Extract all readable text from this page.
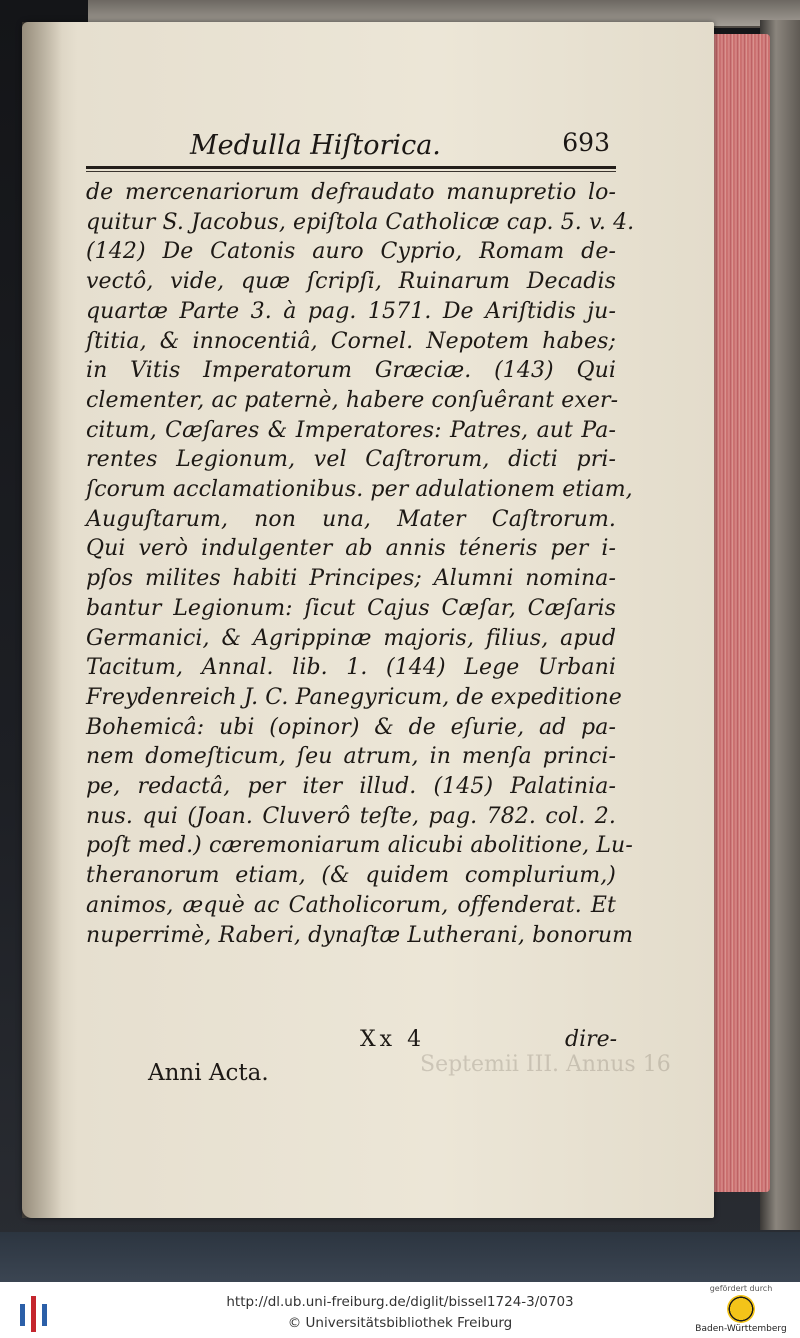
Medulla Hiſtorica.	693
de mercenariorum defraudato manupretio lo-
quitur S. Jacobus, epiſtola Catholicæ cap. 5. v. 4.
(142) De Catonis auro Cyprio, Romam de-
vectô, vide, quæ ſcripſi, Ruinarum Decadis
quartæ Parte 3. à pag. 1571. De Ariſtidis ju-
ſtitia, & innocentiâ, Cornel. Nepotem habes;
in Vitis Imperatorum Græciæ. (143) Qui
clementer, ac paternè, habere conſuêrant exer-
citum, Cæſares & Imperatores: Patres, aut Pa-
rentes Legionum, vel Caſtrorum, dicti pri-
ſcorum acclamationibus. per adulationem etiam,
Auguſtarum, non una, Mater Caſtrorum.
Qui verò indulgenter ab annis téneris per i-
pſos milites habiti Principes; Alumni nomina-
bantur Legionum: ſicut Cajus Cæſar, Cæſaris
Germanici, & Agrippinæ majoris, filius, apud
Tacitum, Annal. lib. 1. (144) Lege Urbani
Freydenreich J. C. Panegyricum, de expeditione
Bohemicâ: ubi (opinor) & de eſurie, ad pa-
nem domeſticum, ſeu atrum, in menſa princi-
pe, redactâ, per iter illud. (145) Palatinia-
nus. qui (Joan. Cluverô teſte, pag. 782. col. 2.
poſt med.) cæremoniarum alicubi abolitione, Lu-
theranorum etiam, (& quidem complurium,)
animos, æquè ac Catholicorum, offenderat. Et
nuperrimè, Raberi, dynaſtæ Lutherani, bonorum
Xx 4	dire-
Septemii III. Annus 16
Anni Acta.
http://dl.ub.uni-freiburg.de/diglit/bissel1724-3/0703
© Universitätsbibliothek Freiburg
gefördert durch
Baden-Württemberg
